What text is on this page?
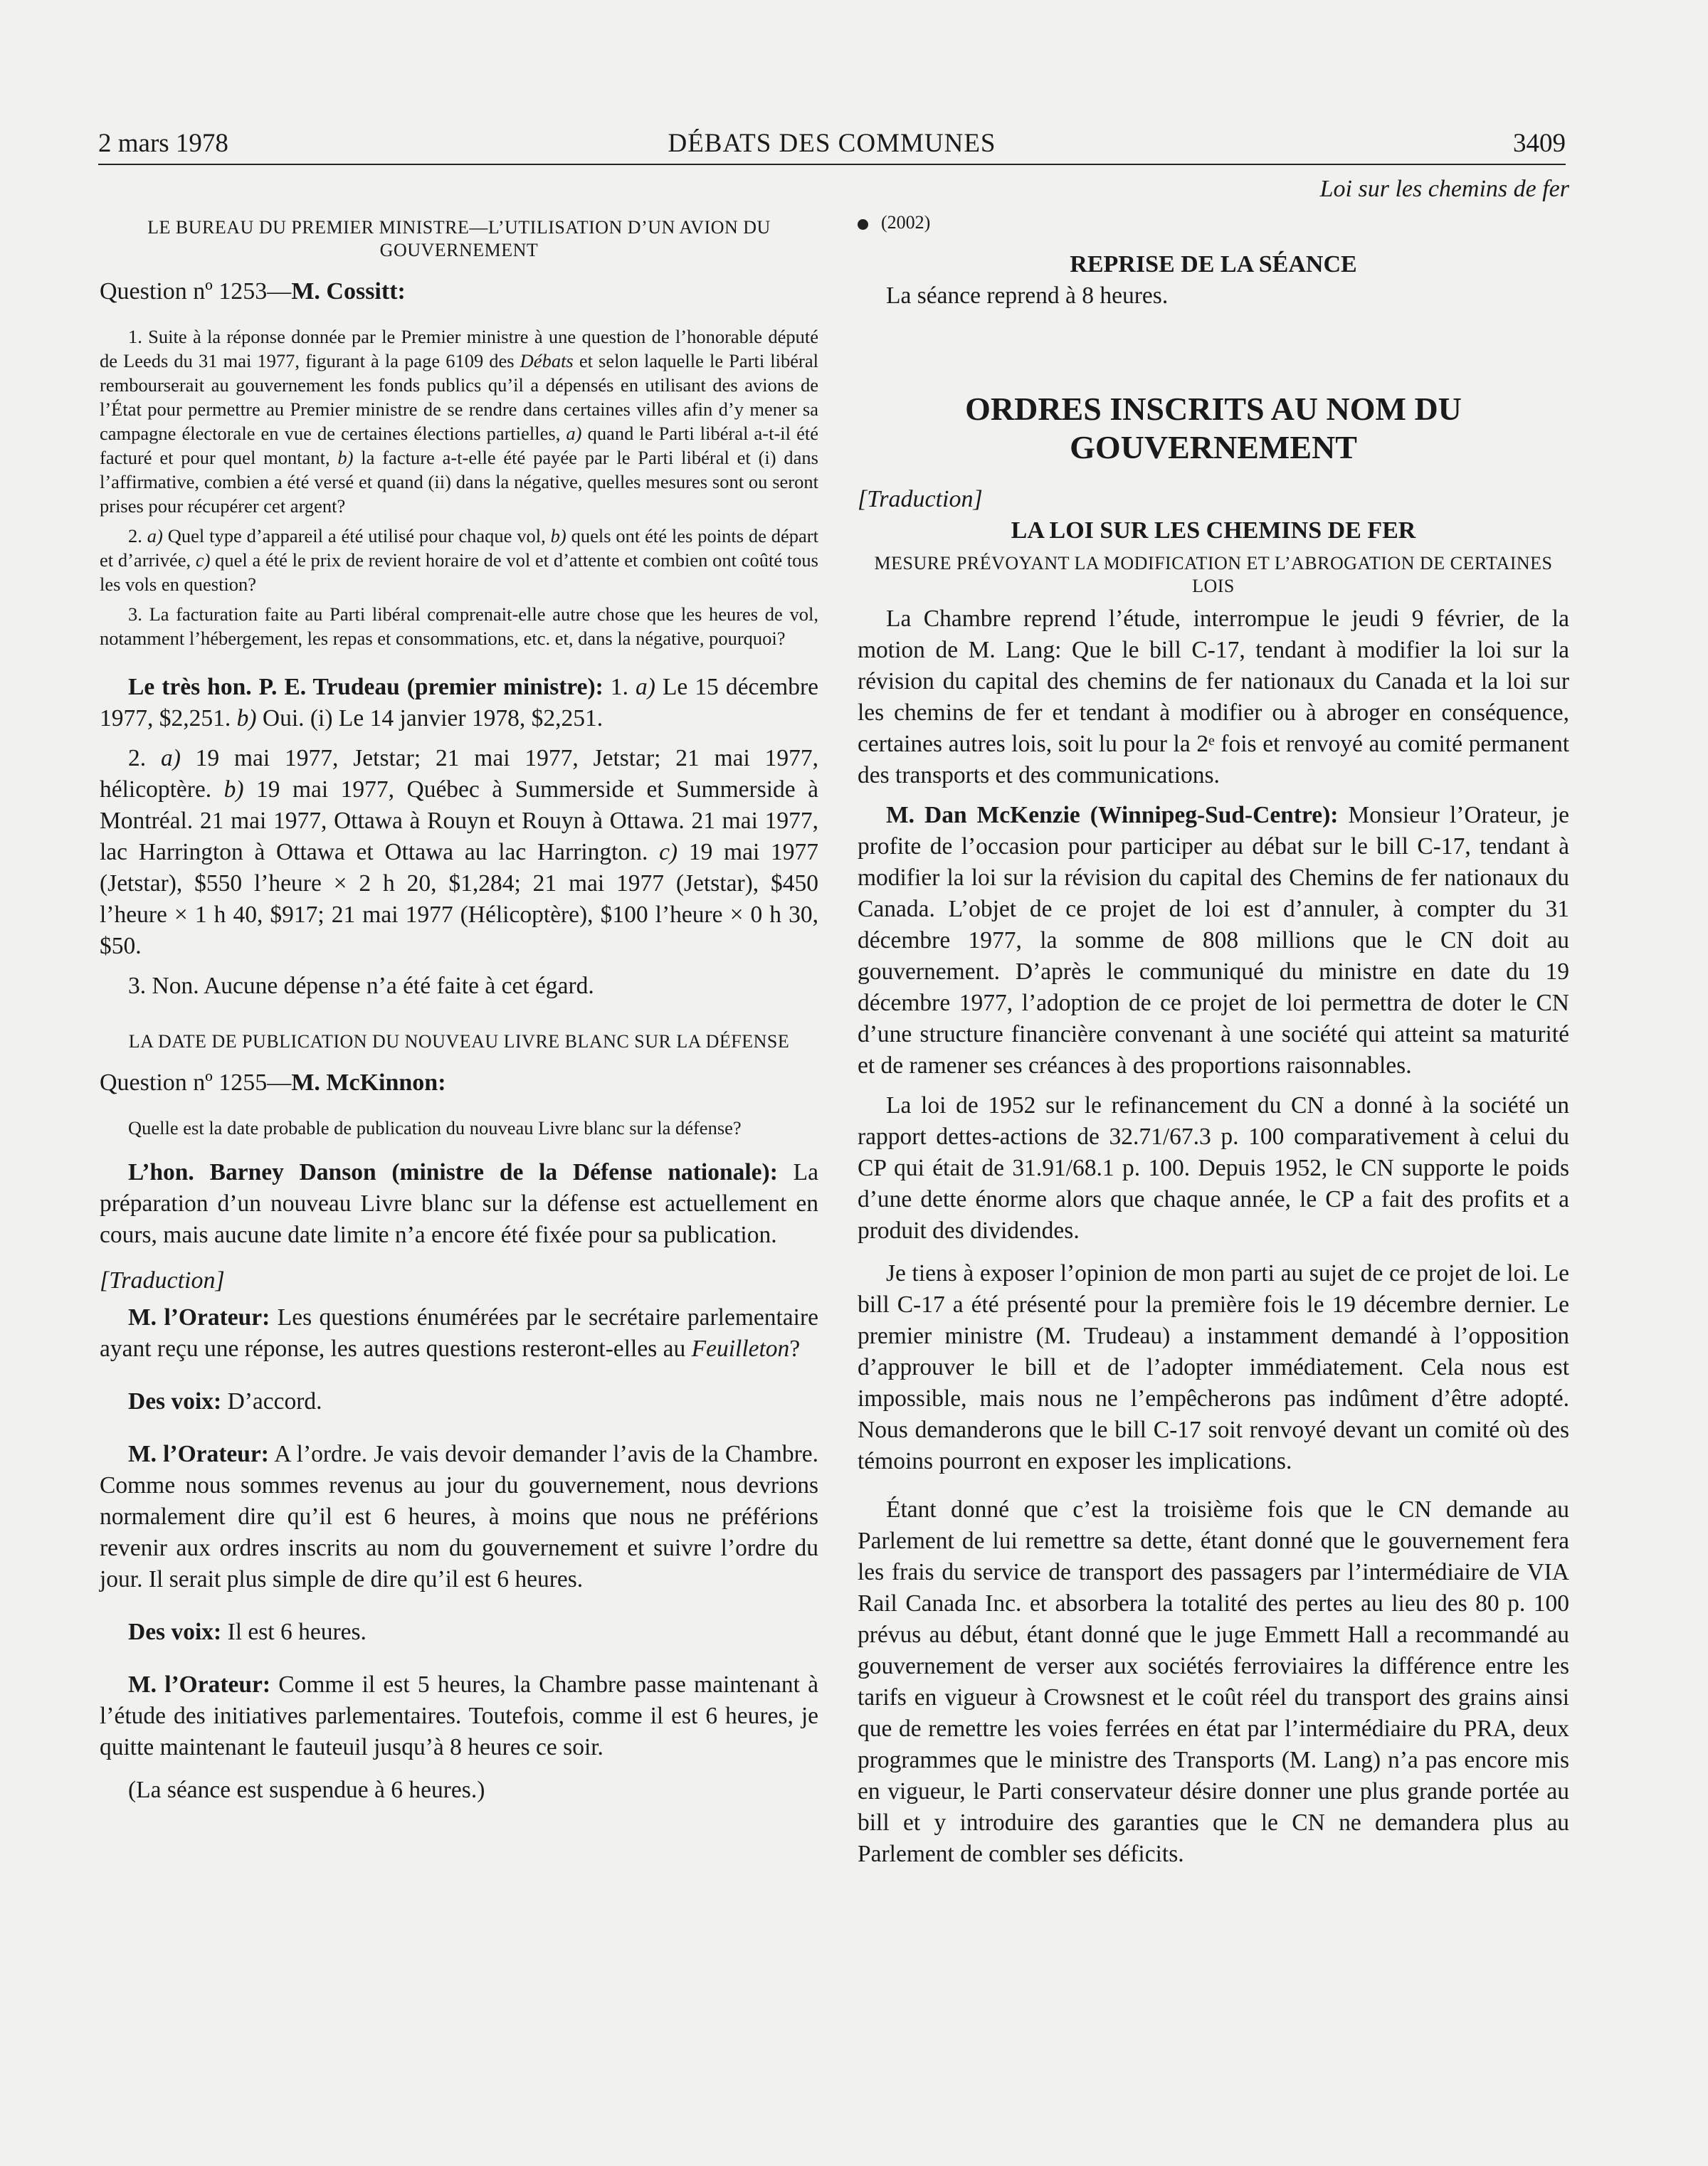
2 mars 1978	DÉBATS DES COMMUNES	3409
LE BUREAU DU PREMIER MINISTRE—L’UTILISATION D’UN AVION DU GOUVERNEMENT

Question nº 1253—M. Cossitt:

1. Suite à la réponse donnée par le Premier ministre à une question de l’honorable député de Leeds du 31 mai 1977, figurant à la page 6109 des Débats et selon laquelle le Parti libéral rembourserait au gouvernement les fonds publics qu’il a dépensés en utilisant des avions de l’État pour permettre au Premier ministre de se rendre dans certaines villes afin d’y mener sa campagne électorale en vue de certaines élections partielles, a) quand le Parti libéral a-t-il été facturé et pour quel montant, b) la facture a-t-elle été payée par le Parti libéral et (i) dans l’affirmative, combien a été versé et quand (ii) dans la négative, quelles mesures sont ou seront prises pour récupérer cet argent?

2. a) Quel type d’appareil a été utilisé pour chaque vol, b) quels ont été les points de départ et d’arrivée, c) quel a été le prix de revient horaire de vol et d’attente et combien ont coûté tous les vols en question?

3. La facturation faite au Parti libéral comprenait-elle autre chose que les heures de vol, notamment l’hébergement, les repas et consommations, etc. et, dans la négative, pourquoi?

Le très hon. P. E. Trudeau (premier ministre): 1. a) Le 15 décembre 1977, $2,251. b) Oui. (i) Le 14 janvier 1978, $2,251.

2. a) 19 mai 1977, Jetstar; 21 mai 1977, Jetstar; 21 mai 1977, hélicoptère. b) 19 mai 1977, Québec à Summerside et Summerside à Montréal. 21 mai 1977, Ottawa à Rouyn et Rouyn à Ottawa. 21 mai 1977, lac Harrington à Ottawa et Ottawa au lac Harrington. c) 19 mai 1977 (Jetstar), $550 l’heure × 2 h 20, $1,284; 21 mai 1977 (Jetstar), $450 l’heure × 1 h 40, $917; 21 mai 1977 (Hélicoptère), $100 l’heure × 0 h 30, $50.

3. Non. Aucune dépense n’a été faite à cet égard.

LA DATE DE PUBLICATION DU NOUVEAU LIVRE BLANC SUR LA DÉFENSE

Question nº 1255—M. McKinnon:

Quelle est la date probable de publication du nouveau Livre blanc sur la défense?

L’hon. Barney Danson (ministre de la Défense nationale): La préparation d’un nouveau Livre blanc sur la défense est actuellement en cours, mais aucune date limite n’a encore été fixée pour sa publication.

[Traduction]

M. l’Orateur: Les questions énumérées par le secrétaire parlementaire ayant reçu une réponse, les autres questions resteront-elles au Feuilleton?

Des voix: D’accord.

M. l’Orateur: A l’ordre. Je vais devoir demander l’avis de la Chambre. Comme nous sommes revenus au jour du gouvernement, nous devrions normalement dire qu’il est 6 heures, à moins que nous ne préférions revenir aux ordres inscrits au nom du gouvernement et suivre l’ordre du jour. Il serait plus simple de dire qu’il est 6 heures.

Des voix: Il est 6 heures.

M. l’Orateur: Comme il est 5 heures, la Chambre passe maintenant à l’étude des initiatives parlementaires. Toutefois, comme il est 6 heures, je quitte maintenant le fauteuil jusqu’à 8 heures ce soir.

(La séance est suspendue à 6 heures.)

Loi sur les chemins de fer
(2002)
REPRISE DE LA SÉANCE

La séance reprend à 8 heures.

ORDRES INSCRITS AU NOM DU GOUVERNEMENT

[Traduction]

LA LOI SUR LES CHEMINS DE FER
MESURE PRÉVOYANT LA MODIFICATION ET L’ABROGATION DE CERTAINES LOIS

La Chambre reprend l’étude, interrompue le jeudi 9 février, de la motion de M. Lang: Que le bill C-17, tendant à modifier la loi sur la révision du capital des chemins de fer nationaux du Canada et la loi sur les chemins de fer et tendant à modifier ou à abroger en conséquence, certaines autres lois, soit lu pour la 2ᵉ fois et renvoyé au comité permanent des transports et des communications.

M. Dan McKenzie (Winnipeg-Sud-Centre): Monsieur l’Orateur, je profite de l’occasion pour participer au débat sur le bill C-17, tendant à modifier la loi sur la révision du capital des Chemins de fer nationaux du Canada. L’objet de ce projet de loi est d’annuler, à compter du 31 décembre 1977, la somme de 808 millions que le CN doit au gouvernement. D’après le communiqué du ministre en date du 19 décembre 1977, l’adoption de ce projet de loi permettra de doter le CN d’une structure financière convenant à une société qui atteint sa maturité et de ramener ses créances à des proportions raisonnables.

La loi de 1952 sur le refinancement du CN a donné à la société un rapport dettes-actions de 32.71/67.3 p. 100 comparativement à celui du CP qui était de 31.91/68.1 p. 100. Depuis 1952, le CN supporte le poids d’une dette énorme alors que chaque année, le CP a fait des profits et a produit des dividendes.

Je tiens à exposer l’opinion de mon parti au sujet de ce projet de loi. Le bill C-17 a été présenté pour la première fois le 19 décembre dernier. Le premier ministre (M. Trudeau) a instamment demandé à l’opposition d’approuver le bill et de l’adopter immédiatement. Cela nous est impossible, mais nous ne l’empêcherons pas indûment d’être adopté. Nous demanderons que le bill C-17 soit renvoyé devant un comité où des témoins pourront en exposer les implications.

Étant donné que c’est la troisième fois que le CN demande au Parlement de lui remettre sa dette, étant donné que le gouvernement fera les frais du service de transport des passagers par l’intermédiaire de VIA Rail Canada Inc. et absorbera la totalité des pertes au lieu des 80 p. 100 prévus au début, étant donné que le juge Emmett Hall a recommandé au gouvernement de verser aux sociétés ferroviaires la différence entre les tarifs en vigueur à Crowsnest et le coût réel du transport des grains ainsi que de remettre les voies ferrées en état par l’intermédiaire du PRA, deux programmes que le ministre des Transports (M. Lang) n’a pas encore mis en vigueur, le Parti conservateur désire donner une plus grande portée au bill et y introduire des garanties que le CN ne demandera plus au Parlement de combler ses déficits.
